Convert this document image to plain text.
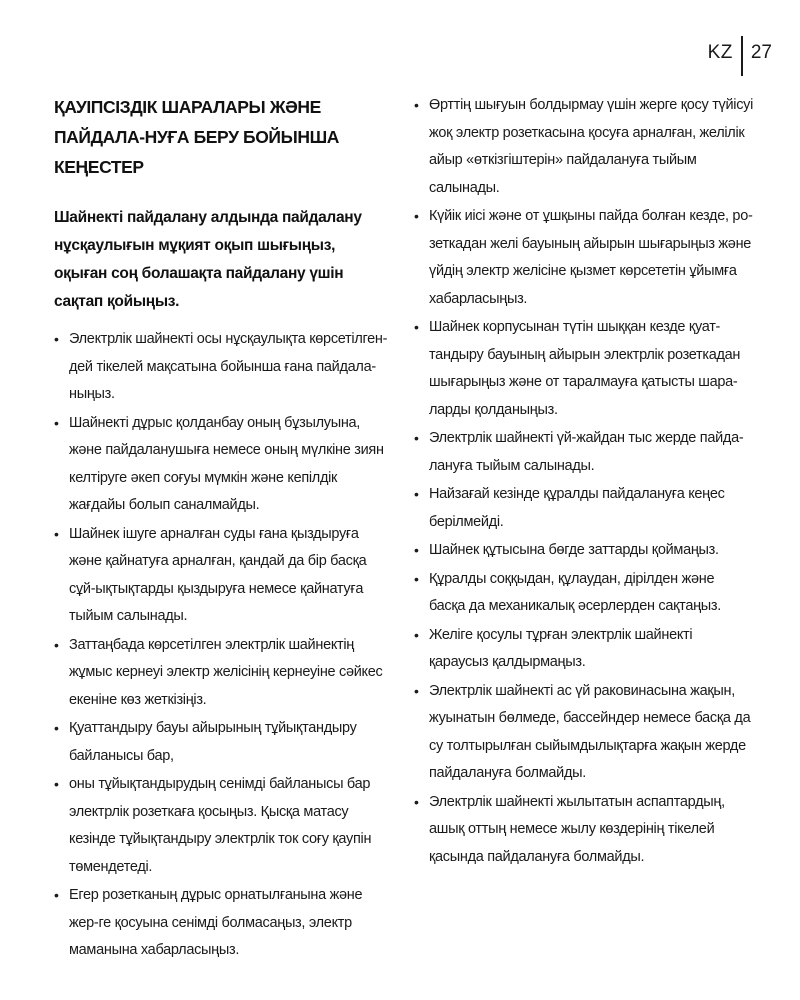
KZ 27
ҚАУІПСІЗДІК ШАРАЛАРЫ ЖӘНЕ ПАЙДАЛА-НУҒА БЕРУ БОЙЫНША КЕҢЕСТЕР

Шайнекті пайдалану алдында пайдалану нұсқаулығын мұқият оқып шығыңыз, оқыған соң болашақта пайдалану үшін сақтап қойыңыз.

• Электрлік шайнекті осы нұсқаулықта көрсетілген-дей тікелей мақсатына бойынша ғана пайдала-ныңыз.
• Шайнекті дұрыс қолданбау оның бұзылуына, және пайдаланушыға немесе оның мүлкіне зиян келтіруге әкеп соғуы мүмкін және кепілдік жағдайы болып саналмайды.
• Шайнек ішуге арналған суды ғана қыздыруға және қайнатуға арналған, қандай да бір басқа сұй-ықтықтарды қыздыруға немесе қайнатуға тыйым салынады.
• Заттаңбада көрсетілген электрлік шайнектің жұмыс кернеуі электр желісінің кернеуіне сәйкес екеніне көз жеткізіңіз.
• Қуаттандыру бауы айырының тұйықтандыру байланысы бар,
• оны тұйықтандырудың сенімді байланысы бар электрлік розеткаға қосыңыз. Қысқа матасу кезінде тұйықтандыру электрлік ток соғу қаупін төмендетеді.
• Егер розетканың дұрыс орнатылғанына және жер-ге қосуына сенімді болмасаңыз, электр маманына хабарласыңыз.
• Өрттің шығуын болдырмау үшін жерге қосу түйісуі жоқ электр розеткасына қосуға арналған, желілік айыр «өткізгіштерін» пайдалануға тыйым салынады.
• Күйік иісі және от ұшқыны пайда болған кезде, ро-зеткадан желі бауының айырын шығарыңыз және үйдің электр желісіне қызмет көрсететін ұйымға хабарласыңыз.
• Шайнек корпусынан түтін шыққан кезде қуат-тандыру бауының айырын электрлік розеткадан шығарыңыз және от таралмауға қатысты шара-ларды қолданыңыз.
• Электрлік шайнекті үй-жайдан тыс жерде пайда-лануға тыйым салынады.
• Найзағай кезінде құралды пайдалануға кеңес берілмейді.
• Шайнек құтысына бөгде заттарды қоймаңыз.
• Құралды соққыдан, құлаудан, дірілден және басқа да механикалық әсерлерден сақтаңыз.
• Желіге қосулы тұрған электрлік шайнекті қараусыз қалдырмаңыз.
• Электрлік шайнекті ас үй раковинасына жақын, жуынатын бөлмеде, бассейндер немесе басқа да су толтырылған сыйымдылықтарға жақын жерде пайдалануға болмайды.
• Электрлік шайнекті жылытатын аспаптардың, ашық оттың немесе жылу көздерінің тікелей қасында пайдалануға болмайды.
